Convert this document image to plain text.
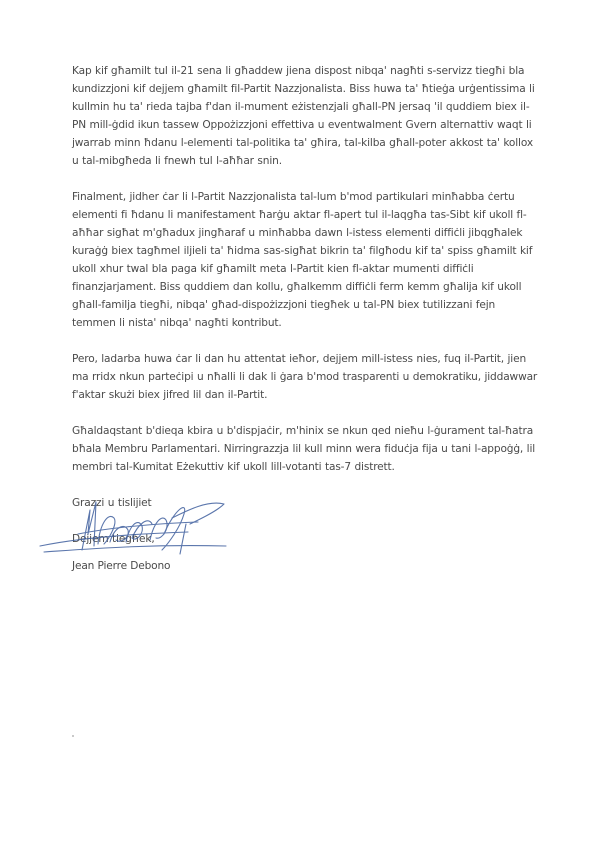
Kap kif għamilt tul il-21 sena li għaddew jiena dispost nibqa' nagħti s-servizz tiegħi bla
kundizzjoni kif dejjem għamilt fil-Partit Nazzjonalista. Biss huwa ta' ħtieġa urġentissima li
kullmin hu ta' rieda tajba f'dan il-mument eżistenzjali għall-PN jersaq 'il quddiem biex il-
PN mill-ġdid ikun tassew Oppożizzjoni effettiva u eventwalment Gvern alternattiv waqt li
jwarrab minn ħdanu l-elementi tal-politika ta' għira, tal-kilba għall-poter akkost ta' kollox
u tal-mibgħeda li fnewh tul l-aħħar snin.

Finalment, jidher ċar li l-Partit Nazzjonalista tal-lum b'mod partikulari minħabba ċertu
elementi fi ħdanu li manifestament ħarġu aktar fl-apert tul il-laqgħa tas-Sibt kif ukoll fl-
aħħar sigħat m'għadux jingħaraf u minħabba dawn l-istess elementi diffiċli jibqgħalek
kuraġġ biex tagħmel iljieli ta' ħidma sas-sigħat bikrin ta' filgħodu kif ta' spiss għamilt kif
ukoll xhur twal bla paga kif għamilt meta l-Partit kien fl-aktar mumenti diffiċli
finanzjarjament. Biss quddiem dan kollu, għalkemm diffiċli ferm kemm għalija kif ukoll
għall-familja tiegħi, nibqa' għad-dispożizzjoni tiegħek u tal-PN biex tutilizzani fejn
temmen li nista' nibqa' nagħti kontribut.

Pero, ladarba huwa ċar li dan hu attentat ieħor, dejjem mill-istess nies, fuq il-Partit, jien
ma rridx nkun parteċipi u nħalli li dak li ġara b'mod trasparenti u demokratiku, jiddawwar
f'aktar skużi biex jifred lil dan il-Partit.

Għaldaqstant b'dieqa kbira u b'dispjaċir, m'hinix se nkun qed nieħu l-ġurament tal-ħatra
bħala Membru Parlamentari. Nirringrazzja lil kull minn wera fiduċja fija u tani l-appoġġ, lil
membri tal-Kumitat Eżekuttiv kif ukoll lill-votanti tas-7 distrett.

Grazzi u tislijiet

Dejjem tiegħek,

Jean Pierre Debono
